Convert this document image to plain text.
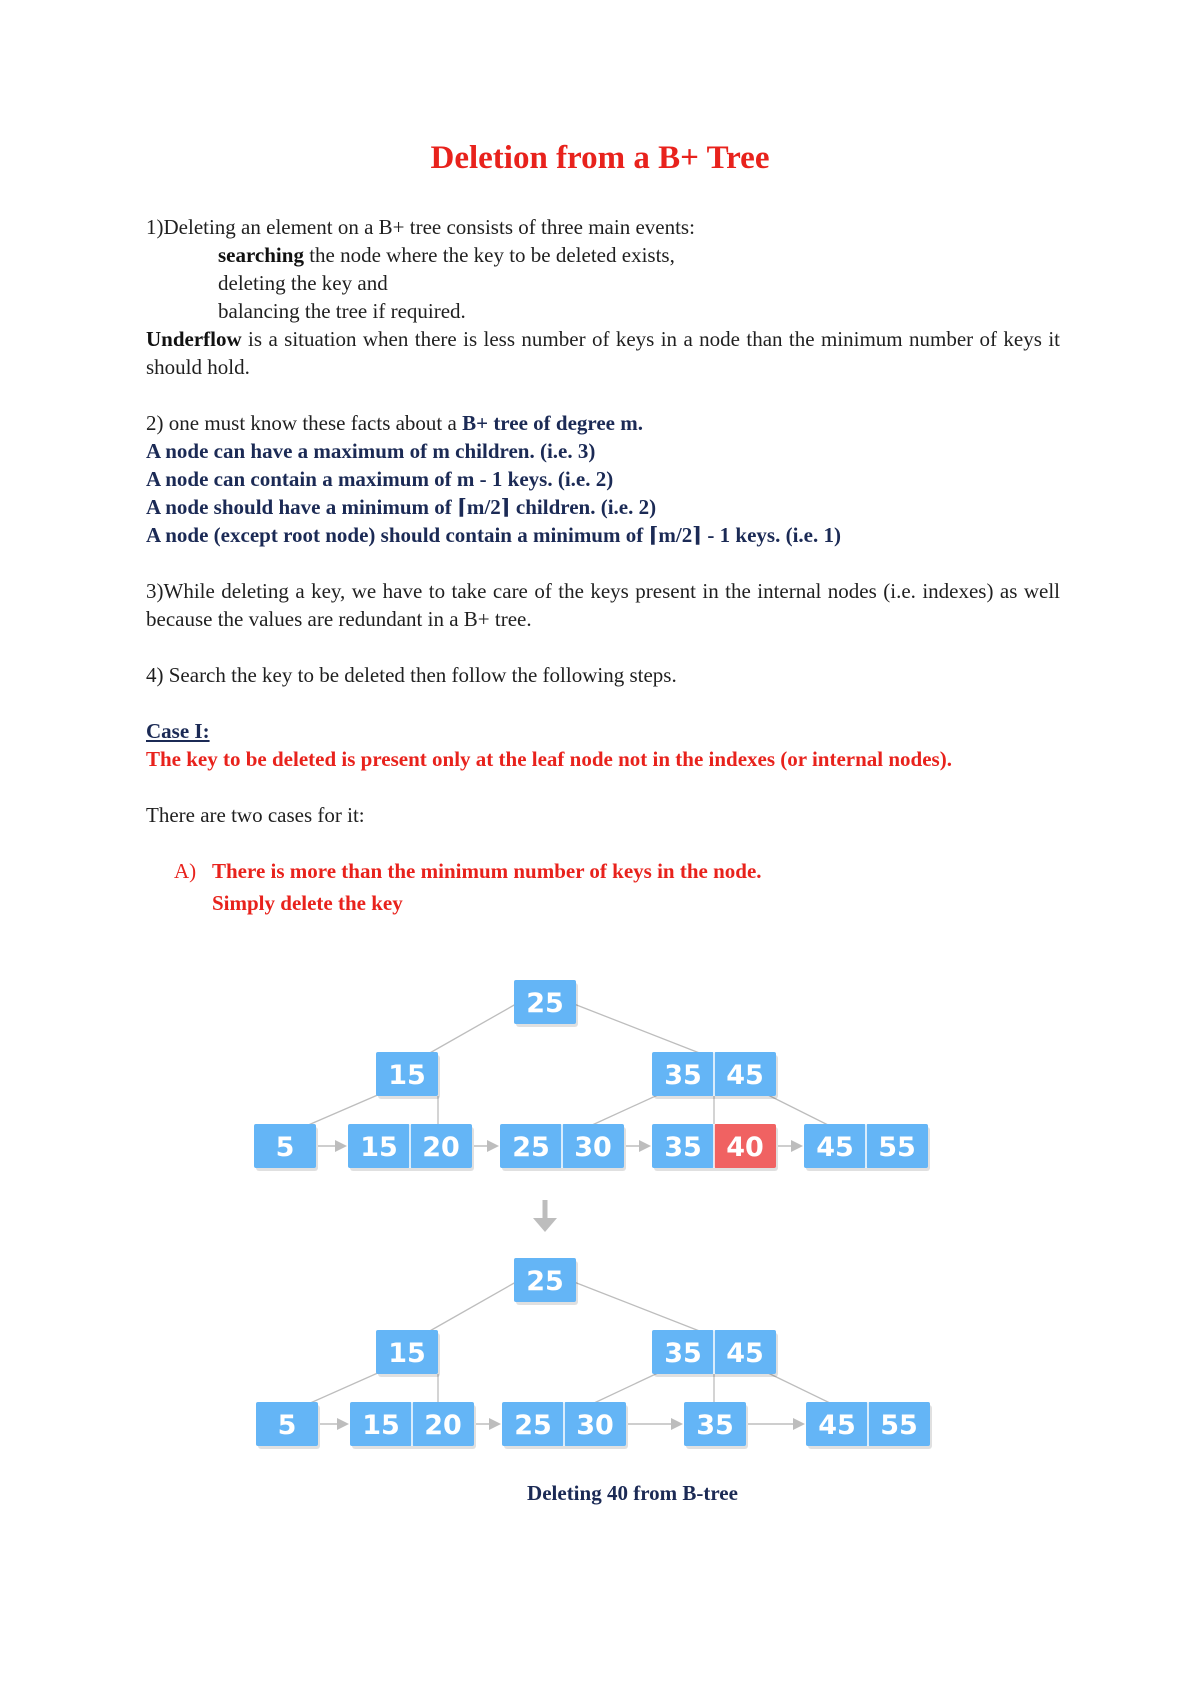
Deletion from a B+ Tree

1)Deleting an element on a B+ tree consists of three main events:

searching the node where the key to be deleted exists,

deleting the key and

balancing the tree if required.

Underflow is a situation when there is less number of keys in a node than the minimum number of keys it should hold.

2) one must know these facts about a B+ tree of degree m.

A node can have a maximum of m children. (i.e. 3)

A node can contain a maximum of m - 1 keys. (i.e. 2)

A node should have a minimum of ⌈m/2⌉ children. (i.e. 2)

A node (except root node) should contain a minimum of ⌈m/2⌉ - 1 keys. (i.e. 1)

3)While deleting a key, we have to take care of the keys present in the internal nodes (i.e. indexes) as well because the values are redundant in a B+ tree.

4) Search the key to be deleted then follow the following steps.

Case I:

The key to be deleted is present only at the leaf node not in the indexes (or internal nodes).

There are two cases for it:

A) There is more than the minimum number of keys in the node.
Simply delete the key
25
15	35 45
5 15 20 25 30 35 40 45 55
25
15	35 45
5 15 20 25 30	35	45 55
Deleting 40 from B-tree
